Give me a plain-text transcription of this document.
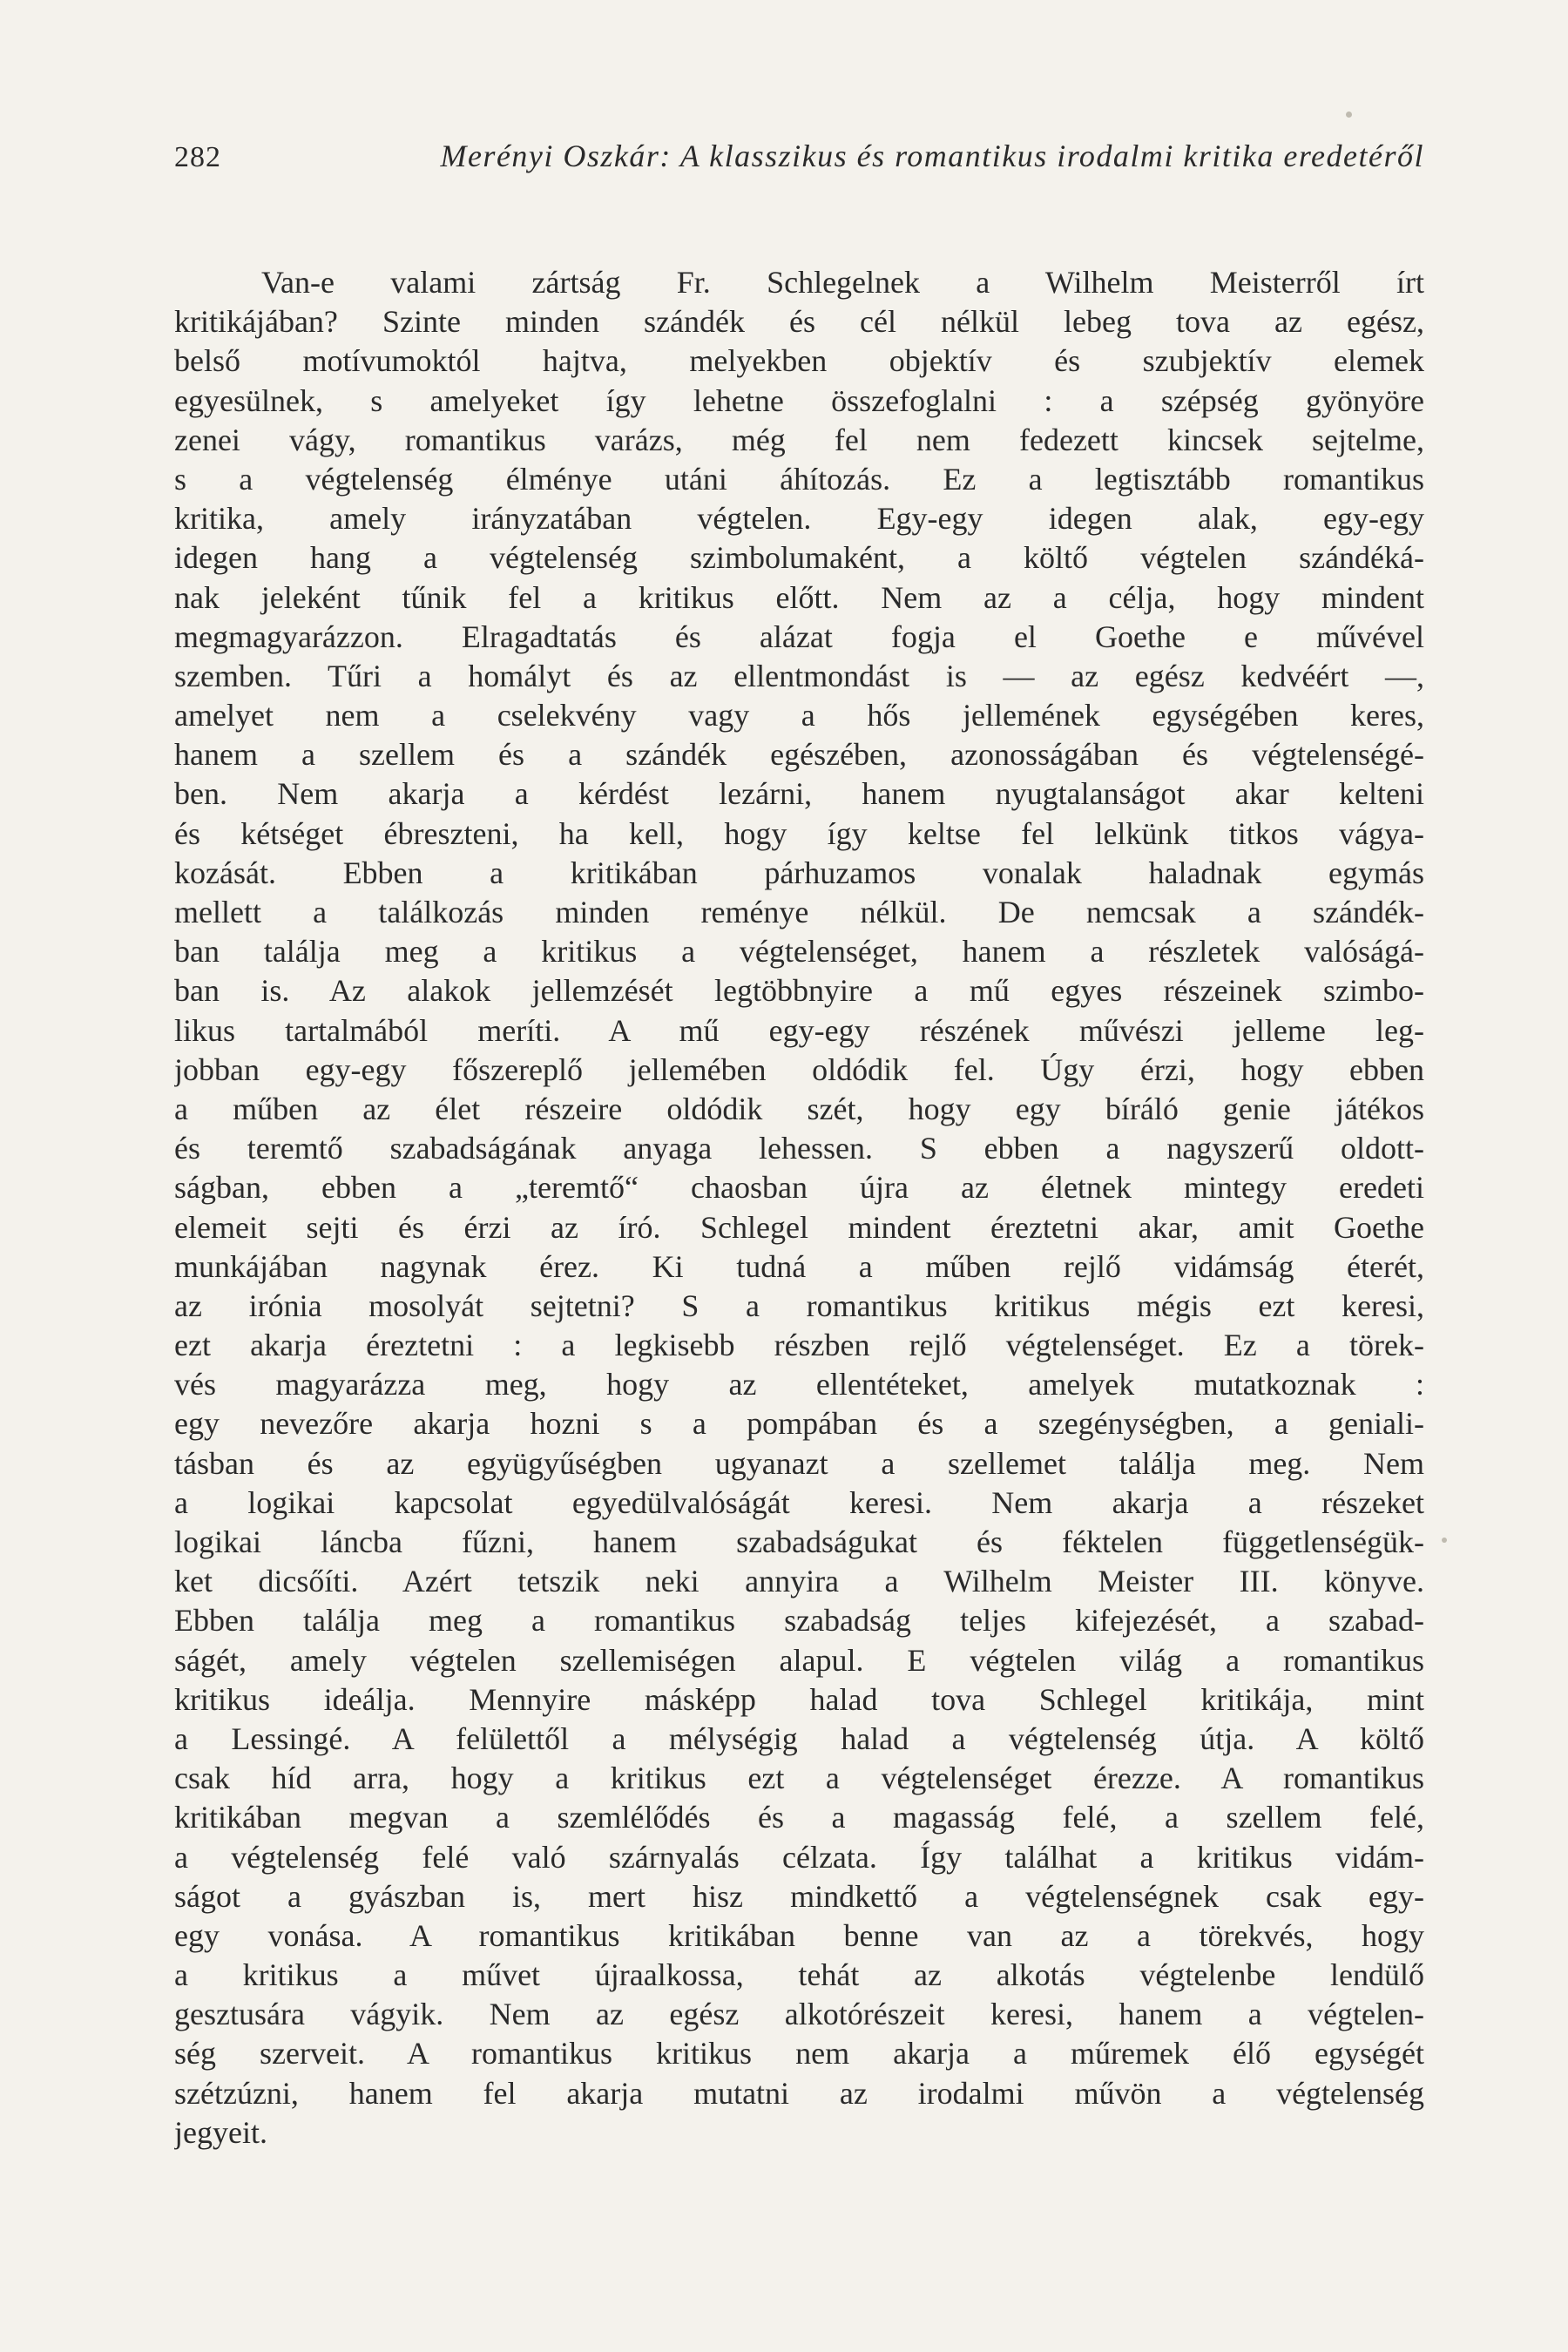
282	Merényi Oszkár: A klasszikus és romantikus irodalmi kritika eredetéről
Van-e valami zártság Fr. Schlegelnek a Wilhelm Meisterről írt
kritikájában? Szinte minden szándék és cél nélkül lebeg tova az egész,
belső motívumoktól hajtva, melyekben objektív és szubjektív elemek
egyesülnek, s amelyeket így lehetne összefoglalni : a szépség gyönyöre
zenei vágy, romantikus varázs, még fel nem fedezett kincsek sejtelme,
s a végtelenség élménye utáni áhítozás. Ez a legtisztább romantikus
kritika, amely irányzatában végtelen. Egy-egy idegen alak, egy-egy
idegen hang a végtelenség szimbolumaként, a költő végtelen szándéká-
nak jeleként tűnik fel a kritikus előtt. Nem az a célja, hogy mindent
megmagyarázzon. Elragadtatás és alázat fogja el Goethe e művével
szemben. Tűri a homályt és az ellentmondást is — az egész kedvéért —,
amelyet nem a cselekvény vagy a hős jellemének egységében keres,
hanem a szellem és a szándék egészében, azonosságában és végtelenségé-
ben. Nem akarja a kérdést lezárni, hanem nyugtalanságot akar kelteni
és kétséget ébreszteni, ha kell, hogy így keltse fel lelkünk titkos vágya-
kozását. Ebben a kritikában párhuzamos vonalak haladnak egymás
mellett a találkozás minden reménye nélkül. De nemcsak a szándék-
ban találja meg a kritikus a végtelenséget, hanem a részletek valóságá-
ban is. Az alakok jellemzését legtöbbnyire a mű egyes részeinek szimbo-
likus tartalmából meríti. A mű egy-egy részének művészi jelleme leg-
jobban egy-egy főszereplő jellemében oldódik fel. Úgy érzi, hogy ebben
a műben az élet részeire oldódik szét, hogy egy bíráló genie játékos
és teremtő szabadságának anyaga lehessen. S ebben a nagyszerű oldott-
ságban, ebben a „teremtő“ chaosban újra az életnek mintegy eredeti
elemeit sejti és érzi az író. Schlegel mindent éreztetni akar, amit Goethe
munkájában nagynak érez. Ki tudná a műben rejlő vidámság éterét,
az irónia mosolyát sejtetni? S a romantikus kritikus mégis ezt keresi,
ezt akarja éreztetni : a legkisebb részben rejlő végtelenséget. Ez a törek-
vés magyarázza meg, hogy az ellentéteket, amelyek mutatkoznak :
egy nevezőre akarja hozni s a pompában és a szegénységben, a geniali-
tásban és az együgyűségben ugyanazt a szellemet találja meg. Nem
a logikai kapcsolat egyedülvalóságát keresi. Nem akarja a részeket
logikai láncba fűzni, hanem szabadságukat és féktelen függetlenségük-
ket dicsőíti. Azért tetszik neki annyira a Wilhelm Meister III. könyve.
Ebben találja meg a romantikus szabadság teljes kifejezését, a szabad-
ságét, amely végtelen szellemiségen alapul. E végtelen világ a romantikus
kritikus ideálja. Mennyire másképp halad tova Schlegel kritikája, mint
a Lessingé. A felülettől a mélységig halad a végtelenség útja. A költő
csak híd arra, hogy a kritikus ezt a végtelenséget érezze. A romantikus
kritikában megvan a szemlélődés és a magasság felé, a szellem felé,
a végtelenség felé való szárnyalás célzata. Így találhat a kritikus vidám-
ságot a gyászban is, mert hisz mindkettő a végtelenségnek csak egy-
egy vonása. A romantikus kritikában benne van az a törekvés, hogy
a kritikus a művet újraalkossa, tehát az alkotás végtelenbe lendülő
gesztusára vágyik. Nem az egész alkotórészeit keresi, hanem a végtelen-
ség szerveit. A romantikus kritikus nem akarja a műremek élő egységét
szétzúzni, hanem fel akarja mutatni az irodalmi művön a végtelenség
jegyeit.
